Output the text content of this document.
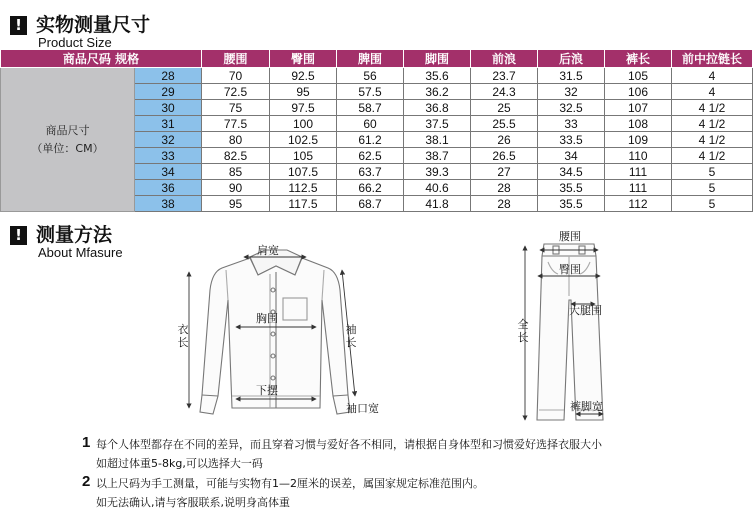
! 实物测量尺寸
Product Size
商品尺码 规格		腰围	臀围	脾围	脚围	前浪	后浪	裤长	前中拉链长

商品尺寸
（单位：CM）	28	70	92.5	56	35.6	23.7	31.5	105	4
	29	72.5	95	57.5	36.2	24.3	32	106	4
	30	75	97.5	58.7	36.8	25	32.5	107	4 1/2
	31	77.5	100	60	37.5	25.5	33	108	4 1/2
	32	80	102.5	61.2	38.1	26	33.5	109	4 1/2
	33	82.5	105	62.5	38.7	26.5	34	110	4 1/2
	34	85	107.5	63.7	39.3	27	34.5	111	5
	36	90	112.5	66.2	40.6	28	35.5	111	5
	38	95	117.5	68.7	41.8	28	35.5	112	5
! 测量方法
About Mfasure	肩宽
胸围
下摆
衣长
袖长
袖口宽
腰围
臀围
大腿围
全长
裤脚宽
1 每个人体型都存在不同的差异，而且穿着习惯与爱好各不相同，请根据自身体型和习惯爱好选择衣服大小
如超过体重5-8kg,可以选择大一码
2 以上尺码为手工测量，可能与实物有1—2厘米的误差，属国家规定标准范围内。
如无法确认,请与客服联系,说明身高体重
